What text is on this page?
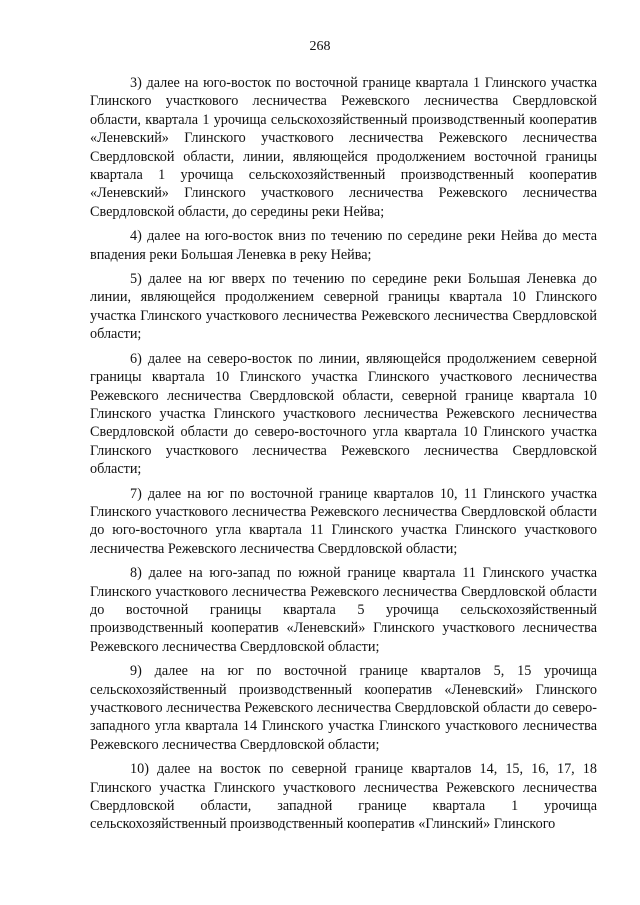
268

3) далее на юго-восток по восточной границе квартала 1 Глинского участка Глинского участкового лесничества Режевского лесничества Свердловской области, квартала 1 урочища сельскохозяйственный производственный кооператив «Леневский» Глинского участкового лесничества Режевского лесничества Свердловской области, линии, являющейся продолжением восточной границы квартала 1 урочища сельскохозяйственный производственный кооператив «Леневский» Глинского участкового лесничества Режевского лесничества Свердловской области, до середины реки Нейва;

4) далее на юго-восток вниз по течению по середине реки Нейва до места впадения реки Большая Леневка в реку Нейва;

5) далее на юг вверх по течению по середине реки Большая Леневка до линии, являющейся продолжением северной границы квартала 10 Глинского участка Глинского участкового лесничества Режевского лесничества Свердловской области;

6) далее на северо-восток по линии, являющейся продолжением северной границы квартала 10 Глинского участка Глинского участкового лесничества Режевского лесничества Свердловской области, северной границе квартала 10 Глинского участка Глинского участкового лесничества Режевского лесничества Свердловской области до северо-восточного угла квартала 10 Глинского участка Глинского участкового лесничества Режевского лесничества Свердловской области;

7) далее на юг по восточной границе кварталов 10, 11 Глинского участка Глинского участкового лесничества Режевского лесничества Свердловской области до юго-восточного угла квартала 11 Глинского участка Глинского участкового лесничества Режевского лесничества Свердловской области;

8) далее на юго-запад по южной границе квартала 11 Глинского участка Глинского участкового лесничества Режевского лесничества Свердловской области до восточной границы квартала 5 урочища сельскохозяйственный производственный кооператив «Леневский» Глинского участкового лесничества Режевского лесничества Свердловской области;

9) далее на юг по восточной границе кварталов 5, 15 урочища сельскохозяйственный производственный кооператив «Леневский» Глинского участкового лесничества Режевского лесничества Свердловской области до северо-западного угла квартала 14 Глинского участка Глинского участкового лесничества Режевского лесничества Свердловской области;

10) далее на восток по северной границе кварталов 14, 15, 16, 17, 18 Глинского участка Глинского участкового лесничества Режевского лесничества Свердловской области, западной границе квартала 1 урочища сельскохозяйственный производственный кооператив «Глинский» Глинского
